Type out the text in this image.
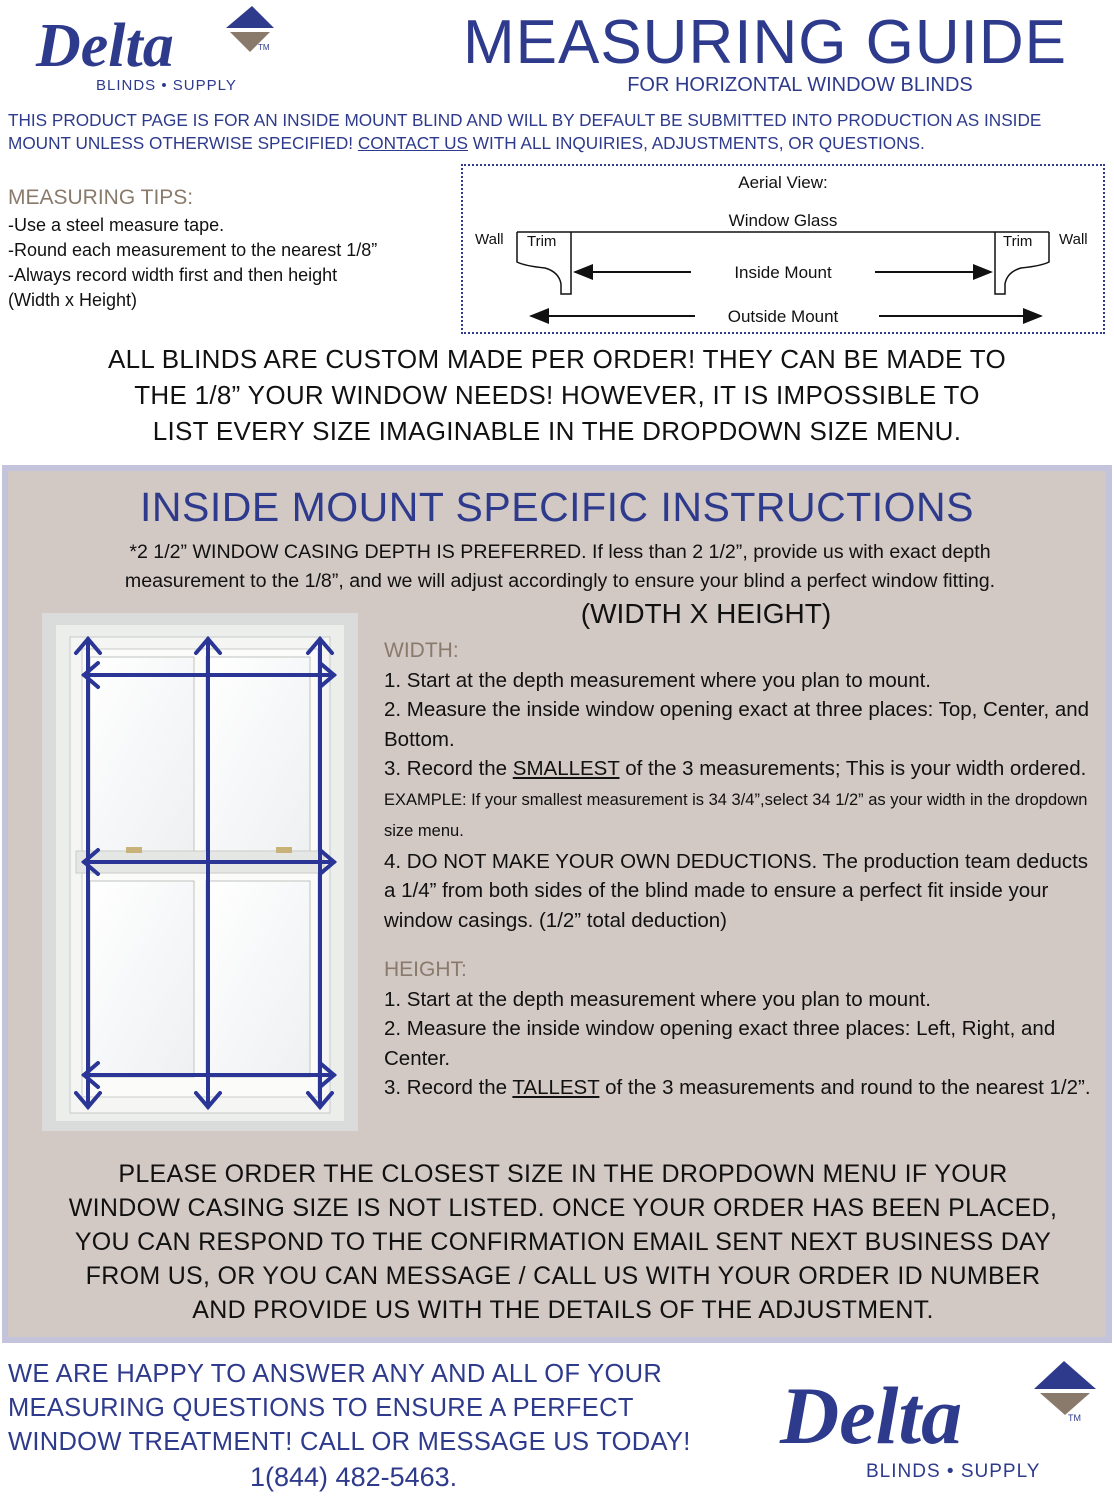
Delta	TM
BLINDS • SUPPLY
MEASURING GUIDE
FOR HORIZONTAL WINDOW BLINDS
THIS PRODUCT PAGE IS FOR AN INSIDE MOUNT BLIND AND WILL BY DEFAULT BE SUBMITTED INTO PRODUCTION AS INSIDE MOUNT UNLESS OTHERWISE SPECIFIED! CONTACT US WITH ALL INQUIRIES, ADJUSTMENTS, OR QUESTIONS.
MEASURING TIPS:
-Use a steel measure tape.
-Round each measurement to the nearest 1/8”
-Always record width first and then height
(Width x Height)
Aerial View:
Window Glass
Wall Trim	Trim Wall
Inside Mount
Outside Mount
ALL BLINDS ARE CUSTOM MADE PER ORDER! THEY CAN BE MADE TO
THE 1/8” YOUR WINDOW NEEDS! HOWEVER, IT IS IMPOSSIBLE TO
LIST EVERY SIZE IMAGINABLE IN THE DROPDOWN SIZE MENU.
INSIDE MOUNT SPECIFIC INSTRUCTIONS
*2 1/2” WINDOW CASING DEPTH IS PREFERRED. If less than 2 1/2”, provide us with exact depth
measurement to the 1/8”, and we will adjust accordingly to ensure your blind a perfect window fitting.
(WIDTH X HEIGHT)
WIDTH:
1. Start at the depth measurement where you plan to mount.
2. Measure the inside window opening exact at three places: Top, Center, and Bottom.
3. Record the SMALLEST of the 3 measurements; This is your width ordered. EXAMPLE: If your smallest measurement is 34 3/4”,select 34 1/2” as your width in the dropdown size menu.
4. DO NOT MAKE YOUR OWN DEDUCTIONS. The production team deducts a 1/4” from both sides of the blind made to ensure a perfect fit inside your window casings. (1/2” total deduction)
HEIGHT:
1. Start at the depth measurement where you plan to mount.
2. Measure the inside window opening exact three places: Left, Right, and Center.
3. Record the TALLEST of the 3 measurements and round to the nearest 1/2”.
PLEASE ORDER THE CLOSEST SIZE IN THE DROPDOWN MENU IF YOUR
WINDOW CASING SIZE IS NOT LISTED. ONCE YOUR ORDER HAS BEEN PLACED,
YOU CAN RESPOND TO THE CONFIRMATION EMAIL SENT NEXT BUSINESS DAY
FROM US, OR YOU CAN MESSAGE / CALL US WITH YOUR ORDER ID NUMBER
AND PROVIDE US WITH THE DETAILS OF THE ADJUSTMENT.
WE ARE HAPPY TO ANSWER ANY AND ALL OF YOUR
MEASURING QUESTIONS TO ENSURE A PERFECT
WINDOW TREATMENT! CALL OR MESSAGE US TODAY!
1(844) 482-5463.
Delta	TM
BLINDS • SUPPLY
